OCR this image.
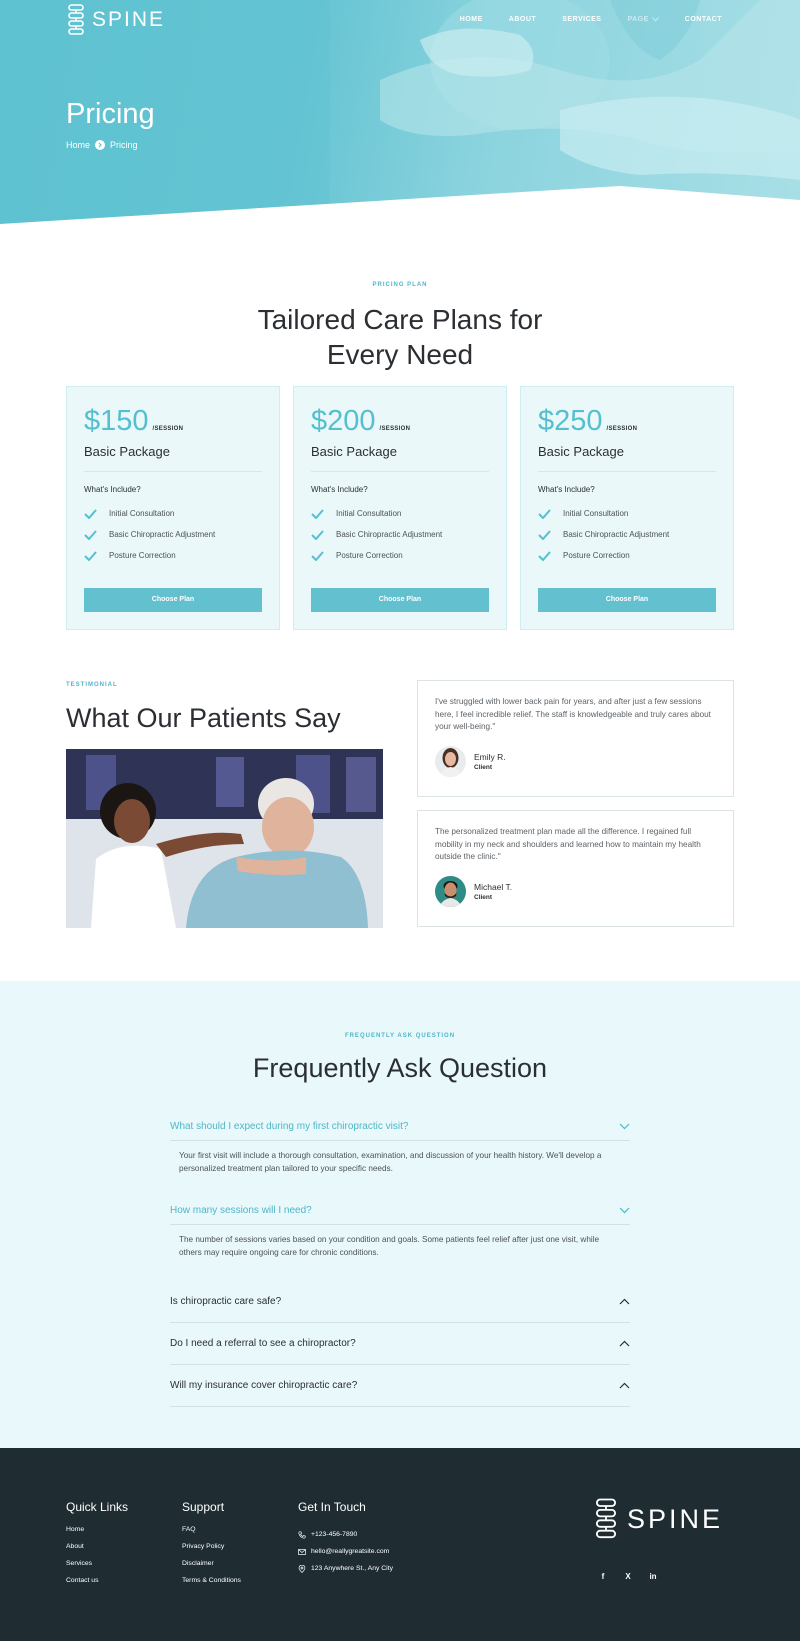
SPINE	HOME	ABOUT	SERVICES	PAGE	CONTACT
Pricing
Home Pricing
PRICING PLAN
Tailored Care Plans for
Every Need
$150 /SESSION
Basic Package
What's Include?
Initial Consultation
Basic Chiropractic Adjustment
Posture Correction
Choose Plan
$200 /SESSION
Basic Package
What's Include?
Initial Consultation
Basic Chiropractic Adjustment
Posture Correction
Choose Plan
$250 /SESSION
Basic Package
What's Include?
Initial Consultation
Basic Chiropractic Adjustment
Posture Correction
Choose Plan
TESTIMONIAL
What Our Patients Say

I've struggled with lower back pain for years, and after just a few sessions here, I feel incredible relief. The staff is knowledgeable and truly cares about your well-being."

Emily R.
Client

The personalized treatment plan made all the difference. I regained full mobility in my neck and shoulders and learned how to maintain my health outside the clinic."

Michael T.
Client
FREQUENTLY ASK QUESTION
Frequently Ask Question
What should I expect during my first chiropractic visit?
Your first visit will include a thorough consultation, examination, and discussion of your health history. We'll develop a personalized treatment plan tailored to your specific needs.
How many sessions will I need?
The number of sessions varies based on your condition and goals. Some patients feel relief after just one visit, while others may require ongoing care for chronic conditions.
Is chiropractic care safe?
Do I need a referral to see a chiropractor?
Will my insurance cover chiropractic care?
Quick Links
Home
About
Services
Contact us
Support
FAQ
Privacy Policy
Disclaimer
Terms & Conditions
Get In Touch
+123-456-7890
hello@reallygreatsite.com
123 Anywhere St., Any City
SPINE
f	X in
